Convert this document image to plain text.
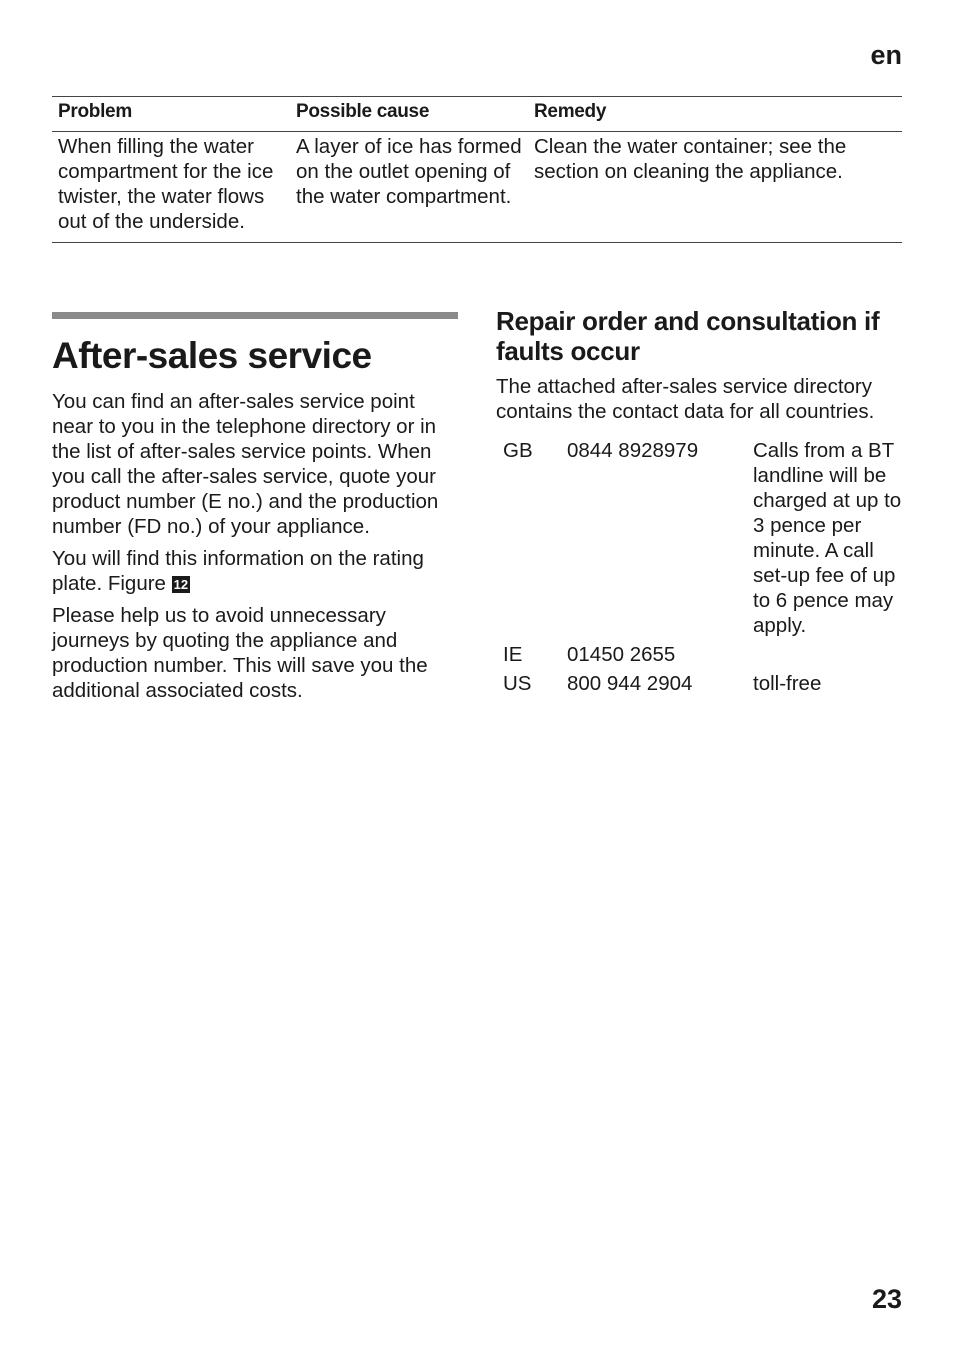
en
Problem	Possible cause	Remedy
When filling the water compartment for the ice twister, the water flows out of the underside.	A layer of ice has formed on the outlet opening of the water compartment.	Clean the water container; see the section on cleaning the appliance.
After-sales service

You can find an after-sales service point near to you in the telephone directory or in the list of after-sales service points. When you call the after-sales service, quote your product number (E no.) and the production number (FD no.) of your appliance.

You will find this information on the rating plate. Figure 12

Please help us to avoid unnecessary journeys by quoting the appliance and production number. This will save you the additional associated costs.

Repair order and consultation if faults occur

The attached after-sales service directory contains the contact data for all countries.

GB	0844 8928979	Calls from a BT landline will be charged at up to 3 pence per minute. A call set-up fee of up to 6 pence may apply.
IE	01450 2655	
US	800 944 2904	toll-free
23
